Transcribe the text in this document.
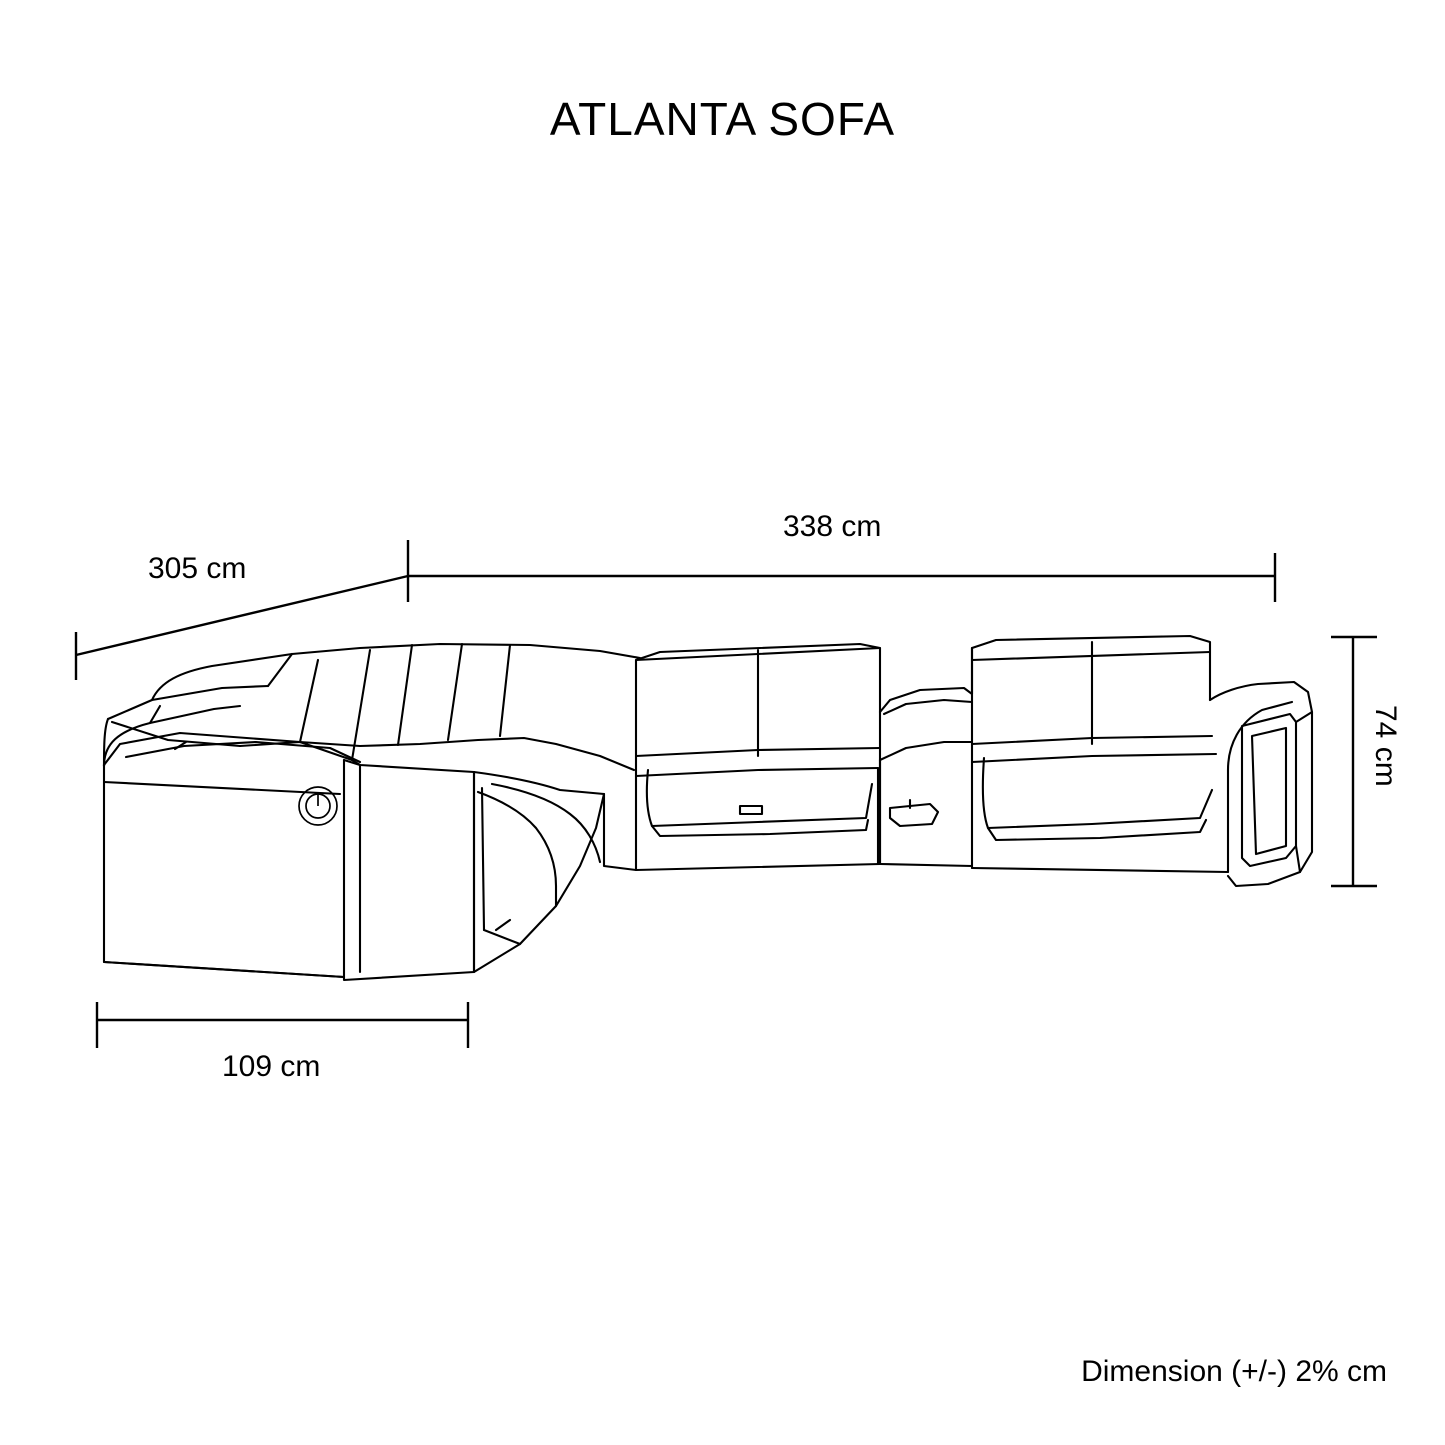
ATLANTA SOFA
338 cm
305 cm
109 cm
74 cm
Dimension (+/-) 2% cm
